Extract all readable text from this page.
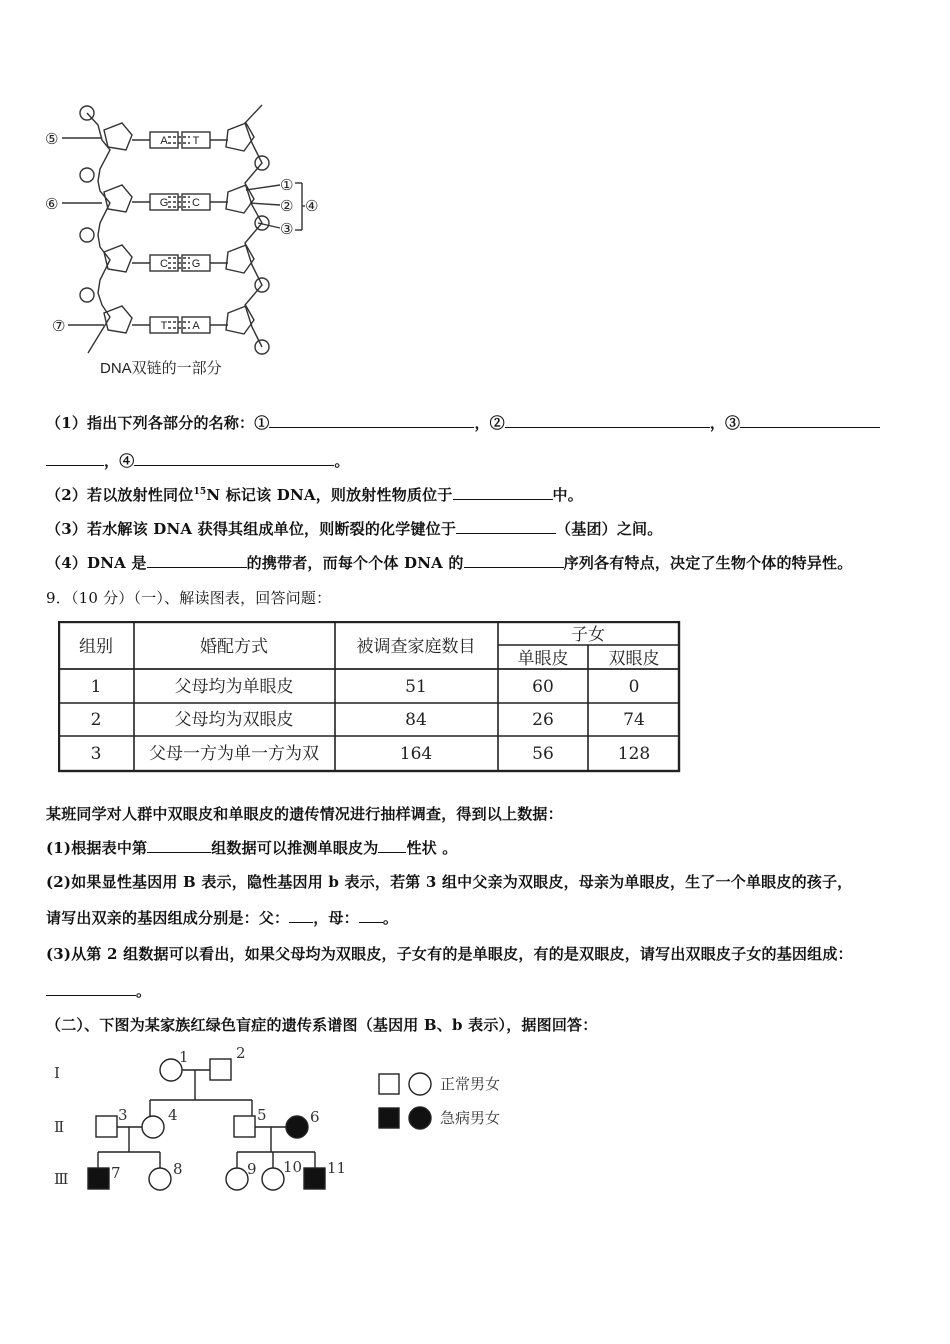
A T
G C
C G
T A
⑤
⑥
⑦
①
②
③
④
DNA双链的一部分
（1）指出下列各部分的名称：①	，②	，③
，④	。
（2）若以放射性同位$^{15}$N 标记该 DNA，则放射性物质位于	中。
（3）若水解该 DNA 获得其组成单位，则断裂的化学键位于	（基团）之间。
（4）DNA 是	的携带者，而每个个体 DNA 的	序列各有特点，决定了生物个体的特异性。
9．（10 分）（一）、解读图表，回答问题：
组别	婚配方式	被调查家庭数目
子女
单眼皮 双眼皮
1	父母均为单眼皮	51	60	0
2	父母均为双眼皮	84	26	74
3	父母一方为单一方为双	164	56	128
某班同学对人群中双眼皮和单眼皮的遗传情况进行抽样调查，得到以上数据：
(1)根据表中第	组数据可以推测单眼皮为 性状 。
(2)如果显性基因用 B 表示，隐性基因用 b 表示，若第 3 组中父亲为双眼皮，母亲为单眼皮，生了一个单眼皮的孩子，
请写出双亲的基因组成分别是：父： ，母： 。
(3)从第 2 组数据可以看出，如果父母均为双眼皮，子女有的是单眼皮，有的是双眼皮，请写出双眼皮子女的基因组成：
。
（二）、下图为某家族红绿色盲症的遗传系谱图（基因用 B、b 表示），据图回答：
Ⅰ
Ⅱ
Ⅲ
1	2
3	4	5	6
7	8	9 10 11
正常男女
急病男女
